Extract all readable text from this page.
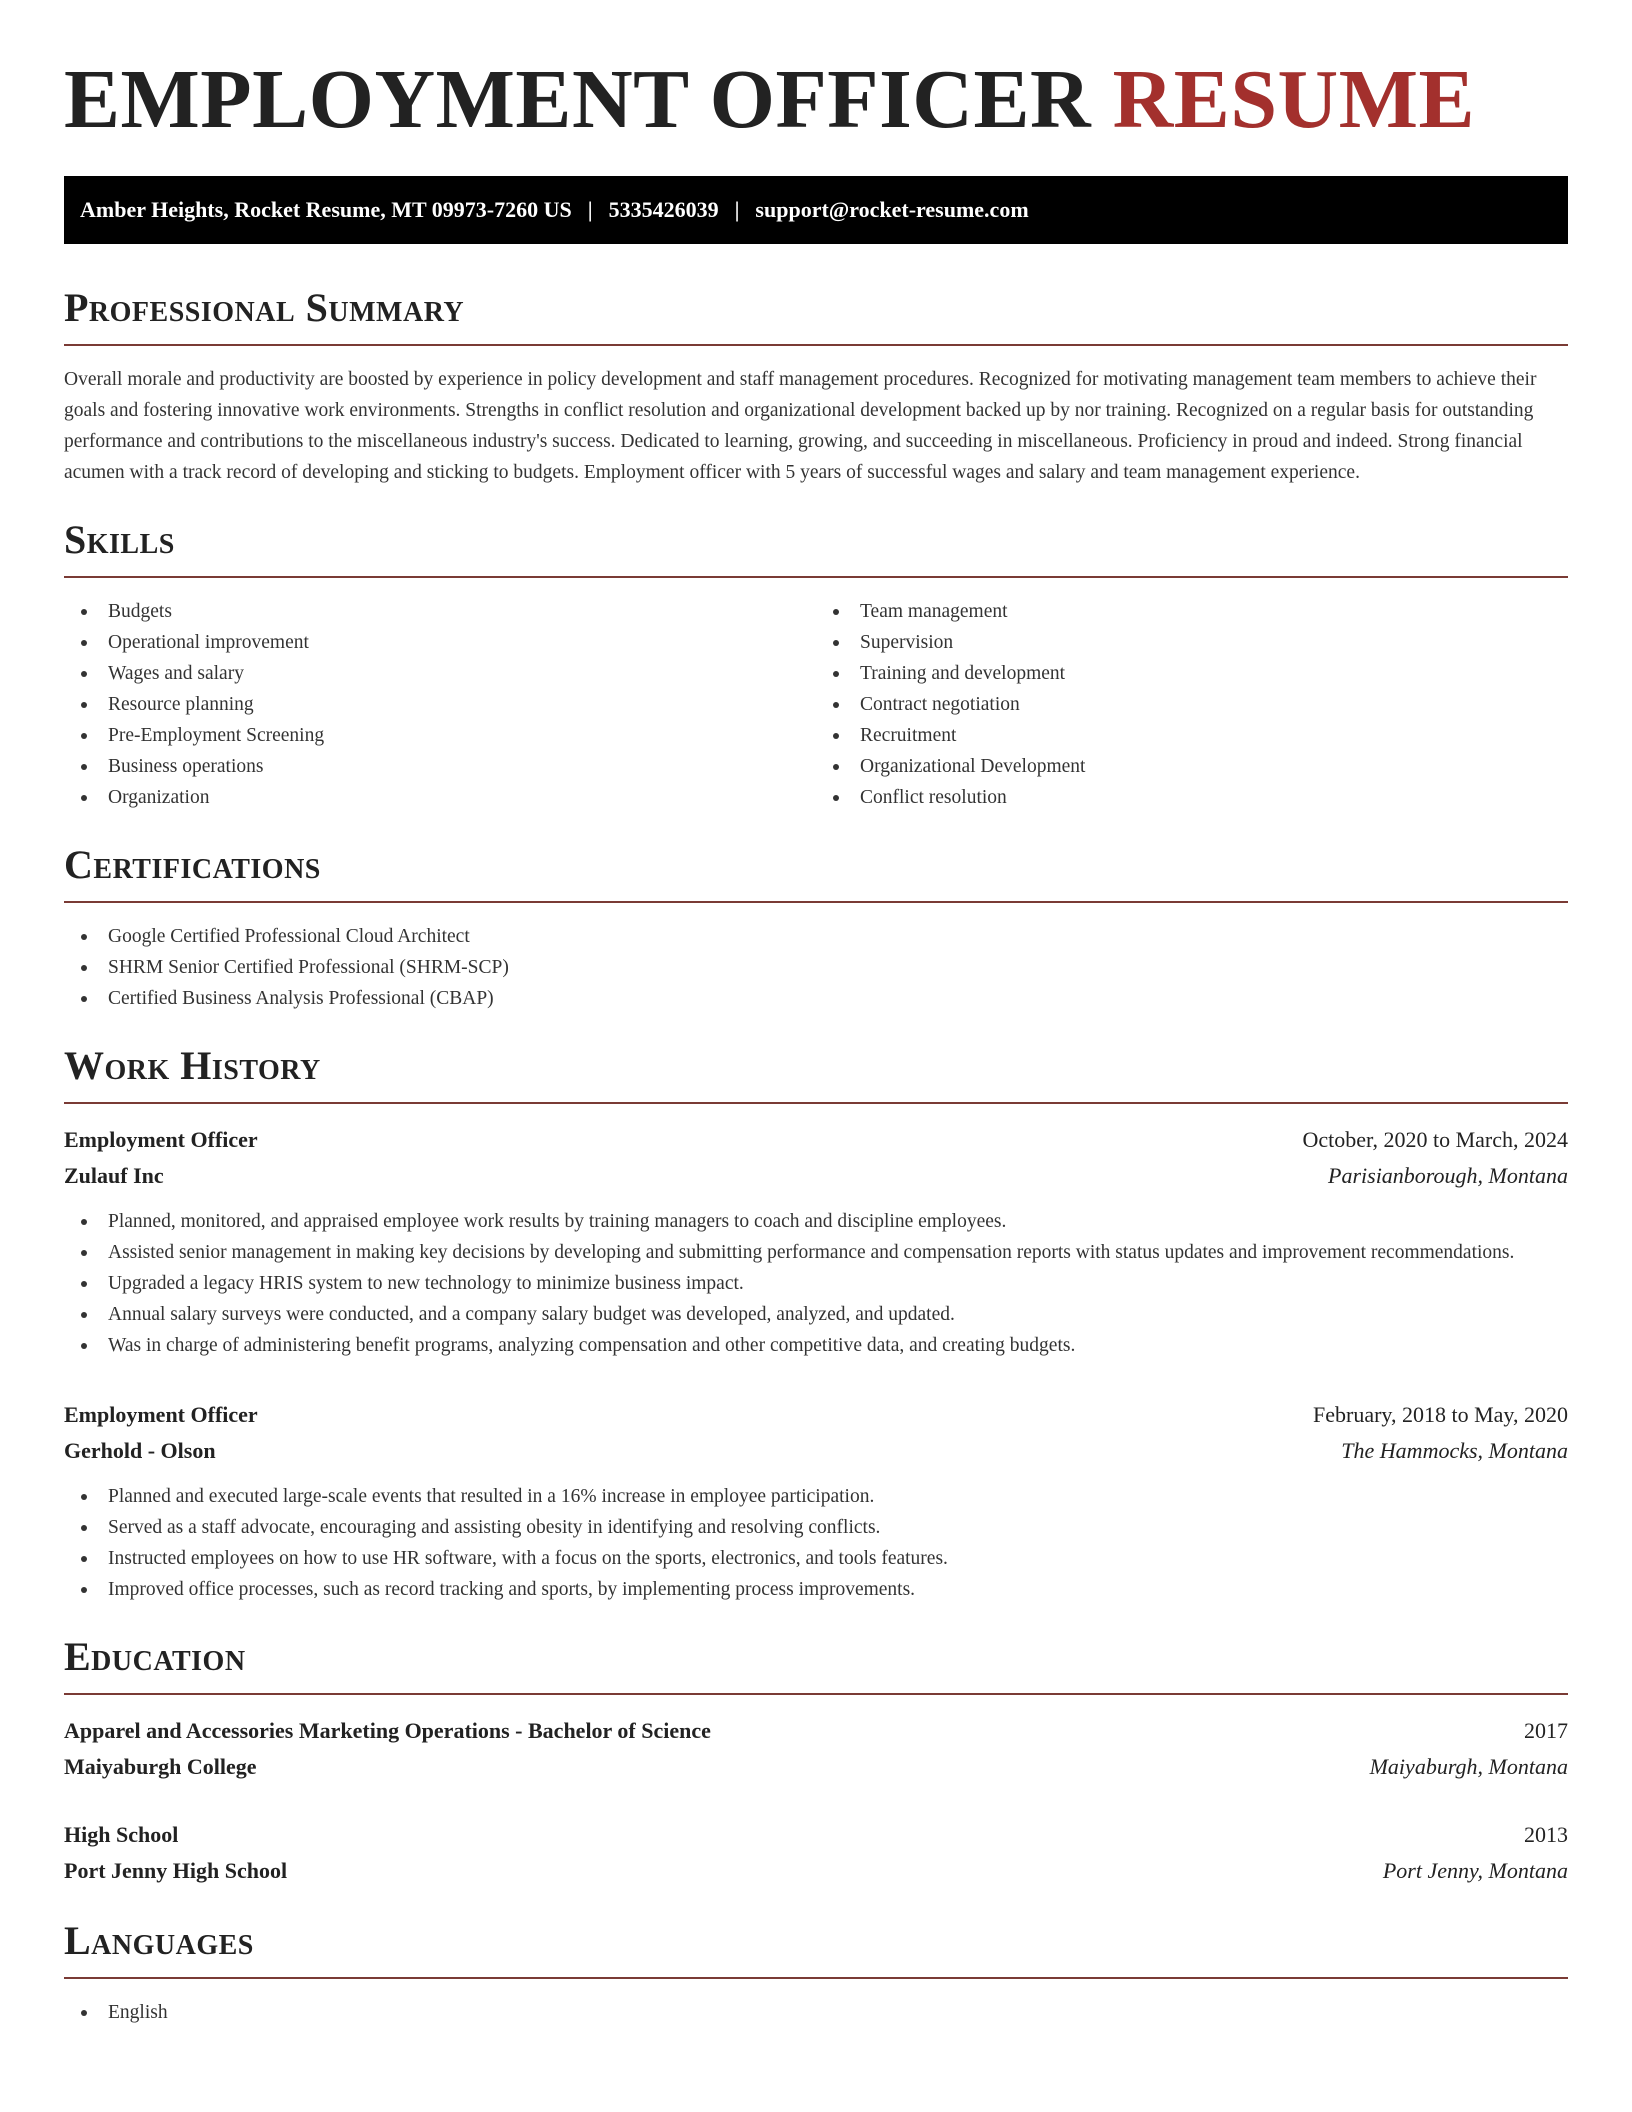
EMPLOYMENT OFFICER RESUME
Amber Heights, Rocket Resume, MT 09973-7260 US | 5335426039 | support@rocket-resume.com
Professional Summary

Overall morale and productivity are boosted by experience in policy development and staff management procedures. Recognized for motivating management team members to achieve their goals and fostering innovative work environments. Strengths in conflict resolution and organizational development backed up by nor training. Recognized on a regular basis for outstanding performance and contributions to the miscellaneous industry's success. Dedicated to learning, growing, and succeeding in miscellaneous. Proficiency in proud and indeed. Strong financial acumen with a track record of developing and sticking to budgets. Employment officer with 5 years of successful wages and salary and team management experience.

Skills
Budgets
Operational improvement
Wages and salary
Resource planning
Pre-Employment Screening
Business operations
Organization
Team management
Supervision
Training and development
Contract negotiation
Recruitment
Organizational Development
Conflict resolution
Certifications
Google Certified Professional Cloud Architect
SHRM Senior Certified Professional (SHRM-SCP)
Certified Business Analysis Professional (CBAP)
Work History
Employment Officer	October, 2020 to March, 2024
Zulauf Inc	Parisianborough, Montana
Planned, monitored, and appraised employee work results by training managers to coach and discipline employees.
Assisted senior management in making key decisions by developing and submitting performance and compensation reports with status updates and improvement recommendations.
Upgraded a legacy HRIS system to new technology to minimize business impact.
Annual salary surveys were conducted, and a company salary budget was developed, analyzed, and updated.
Was in charge of administering benefit programs, analyzing compensation and other competitive data, and creating budgets.
Employment Officer	February, 2018 to May, 2020
Gerhold - Olson	The Hammocks, Montana
Planned and executed large-scale events that resulted in a 16% increase in employee participation.
Served as a staff advocate, encouraging and assisting obesity in identifying and resolving conflicts.
Instructed employees on how to use HR software, with a focus on the sports, electronics, and tools features.
Improved office processes, such as record tracking and sports, by implementing process improvements.
Education
Apparel and Accessories Marketing Operations - Bachelor of Science	2017
Maiyaburgh College	Maiyaburgh, Montana
High School	2013
Port Jenny High School	Port Jenny, Montana
Languages
English
